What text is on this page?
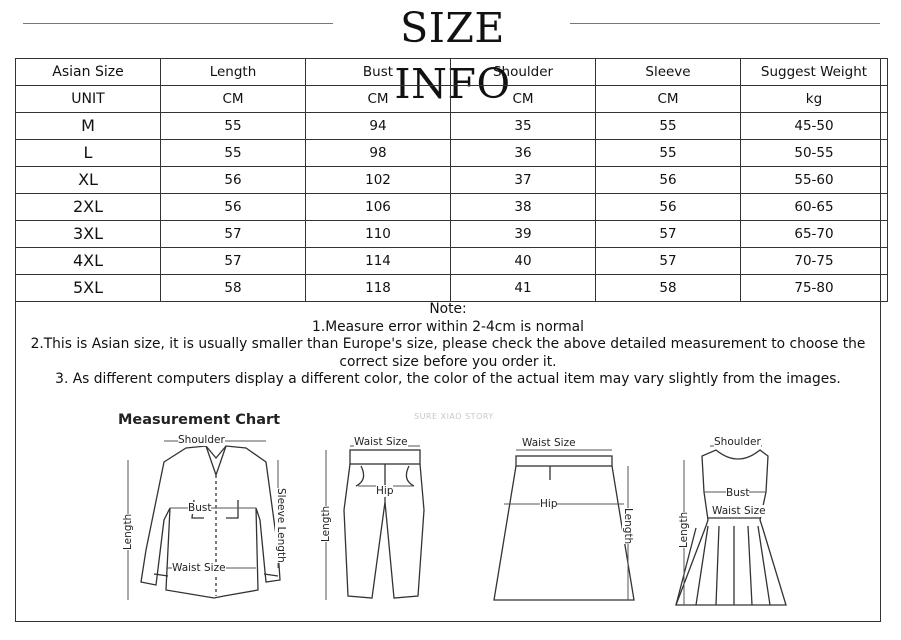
SIZE INFO
Asian Size	Length	Bust	Shoulder	Sleeve	Suggest Weight
UNIT	CM	CM	CM	CM	kg
M	55	94	35	55	45-50
L	55	98	36	55	50-55
XL	56	102	37	56	55-60
2XL	56	106	38	56	60-65
3XL	57	110	39	57	65-70
4XL	57	114	40	57	70-75
5XL	58	118	41	58	75-80
Note:
1.Measure error within 2-4cm is normal
2.This is Asian size, it is usually smaller than Europe's size, please check the above detailed measurement to choose the correct size before you order it.
3. As different computers display a different color, the color of the actual item may vary slightly from the images.
Measurement Chart	SURE XIAO STORY
Shoulder
Bust
Waist Size
Sleeve Length
Length
Waist Size
Hip
Length
Waist Size
Hip
Length
Shoulder
Bust
Waist Size
Length
